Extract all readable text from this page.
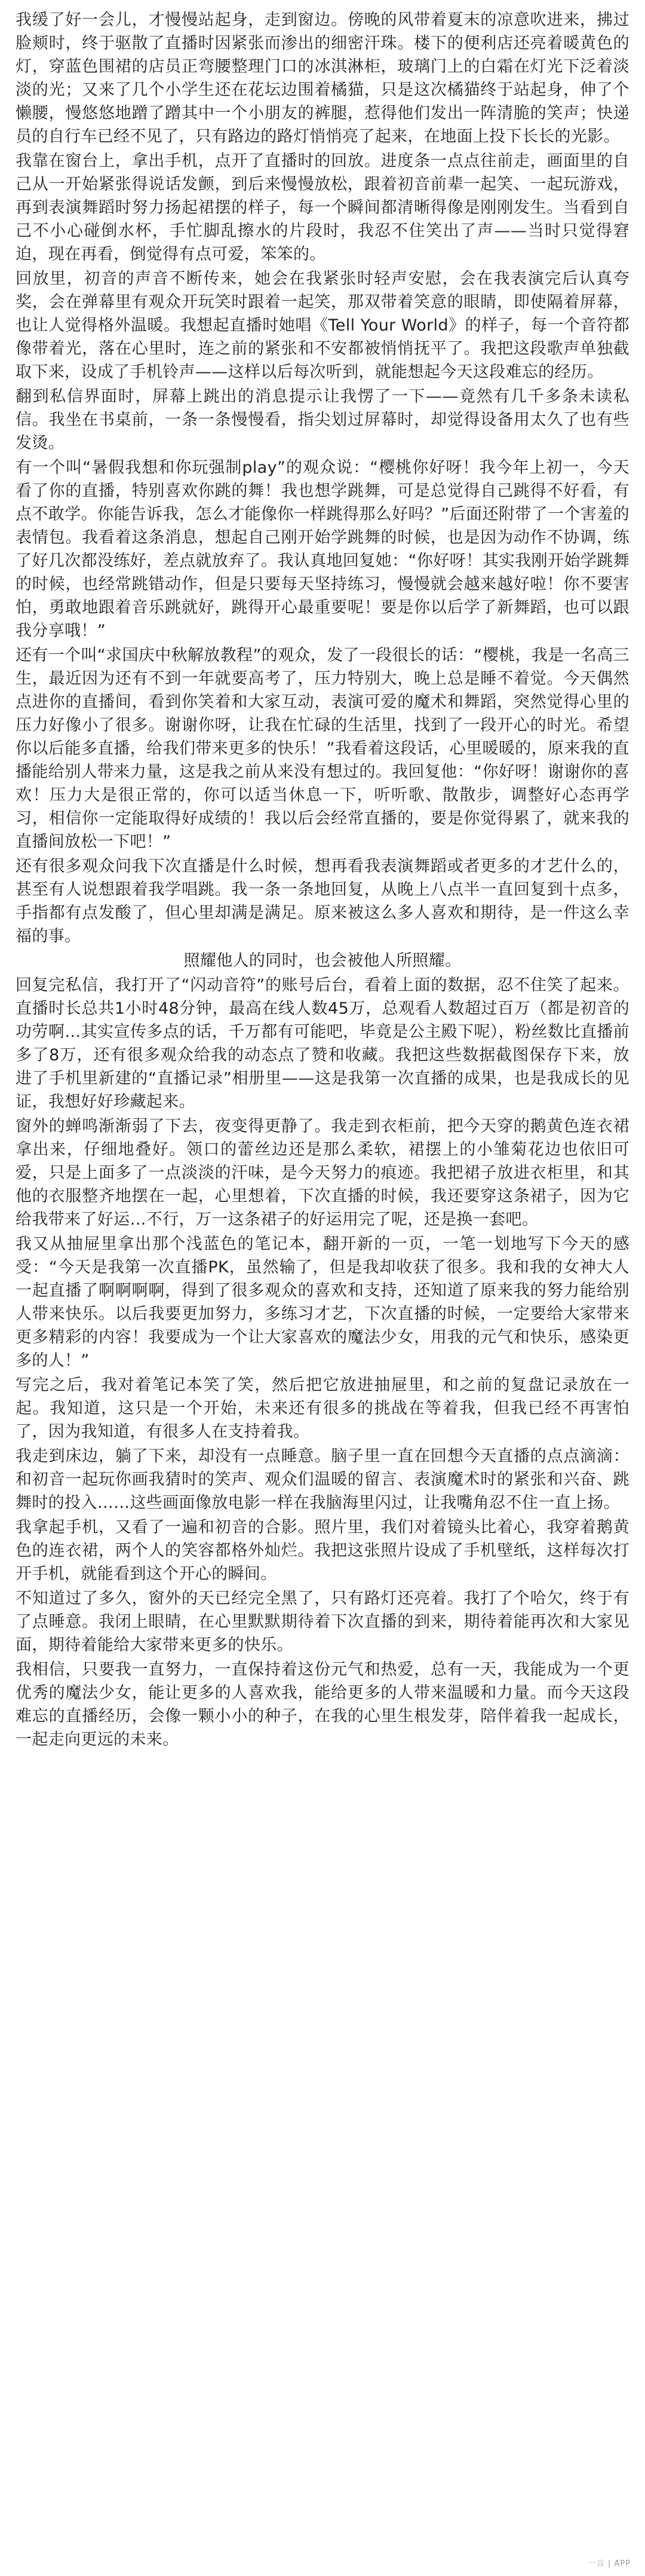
我缓了好一会儿，才慢慢站起身，走到窗边。傍晚的风带着夏末的凉意吹进来，拂过脸颊时，终于驱散了直播时因紧张而渗出的细密汗珠。楼下的便利店还亮着暖黄色的灯，穿蓝色围裙的店员正弯腰整理门口的冰淇淋柜，玻璃门上的白霜在灯光下泛着淡淡的光；又来了几个小学生还在花坛边围着橘猫，只是这次橘猫终于站起身，伸了个懒腰，慢悠悠地蹭了蹭其中一个小朋友的裤腿，惹得他们发出一阵清脆的笑声；快递员的自行车已经不见了，只有路边的路灯悄悄亮了起来，在地面上投下长长的光影。

我靠在窗台上，拿出手机，点开了直播时的回放。进度条一点点往前走，画面里的自己从一开始紧张得说话发颤，到后来慢慢放松，跟着初音前辈一起笑、一起玩游戏，再到表演舞蹈时努力扬起裙摆的样子，每一个瞬间都清晰得像是刚刚发生。当看到自己不小心碰倒水杯，手忙脚乱擦水的片段时，我忍不住笑出了声——当时只觉得窘迫，现在再看，倒觉得有点可爱，笨笨的。

回放里，初音的声音不断传来，她会在我紧张时轻声安慰，会在我表演完后认真夸奖，会在弹幕里有观众开玩笑时跟着一起笑，那双带着笑意的眼睛，即使隔着屏幕，也让人觉得格外温暖。我想起直播时她唱《Tell Your World》的样子，每一个音符都像带着光，落在心里时，连之前的紧张和不安都被悄悄抚平了。我把这段歌声单独截取下来，设成了手机铃声——这样以后每次听到，就能想起今天这段难忘的经历。

翻到私信界面时，屏幕上跳出的消息提示让我愣了一下——竟然有几千多条未读私信。我坐在书桌前，一条一条慢慢看，指尖划过屏幕时，却觉得设备用太久了也有些发烫。

有一个叫“暑假我想和你玩强制play”的观众说：“樱桃你好呀！我今年上初一，今天看了你的直播，特别喜欢你跳的舞！我也想学跳舞，可是总觉得自己跳得不好看，有点不敢学。你能告诉我，怎么才能像你一样跳得那么好吗？”后面还附带了一个害羞的表情包。我看着这条消息，想起自己刚开始学跳舞的时候，也是因为动作不协调，练了好几次都没练好，差点就放弃了。我认真地回复她：“你好呀！其实我刚开始学跳舞的时候，也经常跳错动作，但是只要每天坚持练习，慢慢就会越来越好啦！你不要害怕，勇敢地跟着音乐跳就好，跳得开心最重要呢！要是你以后学了新舞蹈，也可以跟我分享哦！”

还有一个叫“求国庆中秋解放教程”的观众，发了一段很长的话：“樱桃，我是一名高三生，最近因为还有不到一年就要高考了，压力特别大，晚上总是睡不着觉。今天偶然点进你的直播间，看到你笑着和大家互动，表演可爱的魔术和舞蹈，突然觉得心里的压力好像小了很多。谢谢你呀，让我在忙碌的生活里，找到了一段开心的时光。希望你以后能多直播，给我们带来更多的快乐！”我看着这段话，心里暖暖的，原来我的直播能给别人带来力量，这是我之前从来没有想过的。我回复他：“你好呀！谢谢你的喜欢！压力大是很正常的，你可以适当休息一下，听听歌、散散步，调整好心态再学习，相信你一定能取得好成绩的！我以后会经常直播的，要是你觉得累了，就来我的直播间放松一下吧！”

还有很多观众问我下次直播是什么时候，想再看我表演舞蹈或者更多的才艺什么的，甚至有人说想跟着我学唱跳。我一条一条地回复，从晚上八点半一直回复到十点多，手指都有点发酸了，但心里却满是满足。原来被这么多人喜欢和期待，是一件这么幸福的事。

照耀他人的同时，也会被他人所照耀。

回复完私信，我打开了“闪动音符”的账号后台，看着上面的数据，忍不住笑了起来。直播时长总共1小时48分钟，最高在线人数45万，总观看人数超过百万（都是初音的功劳啊…其实宣传多点的话，千万都有可能吧，毕竟是公主殿下呢），粉丝数比直播前多了8万，还有很多观众给我的动态点了赞和收藏。我把这些数据截图保存下来，放进了手机里新建的“直播记录”相册里——这是我第一次直播的成果，也是我成长的见证，我想好好珍藏起来。

窗外的蝉鸣渐渐弱了下去，夜变得更静了。我走到衣柜前，把今天穿的鹅黄色连衣裙拿出来，仔细地叠好。领口的蕾丝边还是那么柔软，裙摆上的小雏菊花边也依旧可爱，只是上面多了一点淡淡的汗味，是今天努力的痕迹。我把裙子放进衣柜里，和其他的衣服整齐地摆在一起，心里想着，下次直播的时候，我还要穿这条裙子，因为它给我带来了好运…不行，万一这条裙子的好运用完了呢，还是换一套吧。

我又从抽屉里拿出那个浅蓝色的笔记本，翻开新的一页，一笔一划地写下今天的感受：“今天是我第一次直播PK，虽然输了，但是我却收获了很多。我和我的女神大人一起直播了啊啊啊啊，得到了很多观众的喜欢和支持，还知道了原来我的努力能给别人带来快乐。以后我要更加努力，多练习才艺，下次直播的时候，一定要给大家带来更多精彩的内容！我要成为一个让大家喜欢的魔法少女，用我的元气和快乐，感染更多的人！”

写完之后，我对着笔记本笑了笑，然后把它放进抽屉里，和之前的复盘记录放在一起。我知道，这只是一个开始，未来还有很多的挑战在等着我，但我已经不再害怕了，因为我知道，有很多人在支持着我。

我走到床边，躺了下来，却没有一点睡意。脑子里一直在回想今天直播的点点滴滴：和初音一起玩你画我猜时的笑声、观众们温暖的留言、表演魔术时的紧张和兴奋、跳舞时的投入……这些画面像放电影一样在我脑海里闪过，让我嘴角忍不住一直上扬。

我拿起手机，又看了一遍和初音的合影。照片里，我们对着镜头比着心，我穿着鹅黄色的连衣裙，两个人的笑容都格外灿烂。我把这张照片设成了手机壁纸，这样每次打开手机，就能看到这个开心的瞬间。

不知道过了多久，窗外的天已经完全黑了，只有路灯还亮着。我打了个哈欠，终于有了点睡意。我闭上眼睛，在心里默默期待着下次直播的到来，期待着能再次和大家见面，期待着能给大家带来更多的快乐。

我相信，只要我一直努力，一直保持着这份元气和热爱，总有一天，我能成为一个更优秀的魔法少女，能让更多的人喜欢我，能给更多的人带来温暖和力量。而今天这段难忘的直播经历，会像一颗小小的种子，在我的心里生根发芽，陪伴着我一起成长，一起走向更远的未来。

一言 | APP
